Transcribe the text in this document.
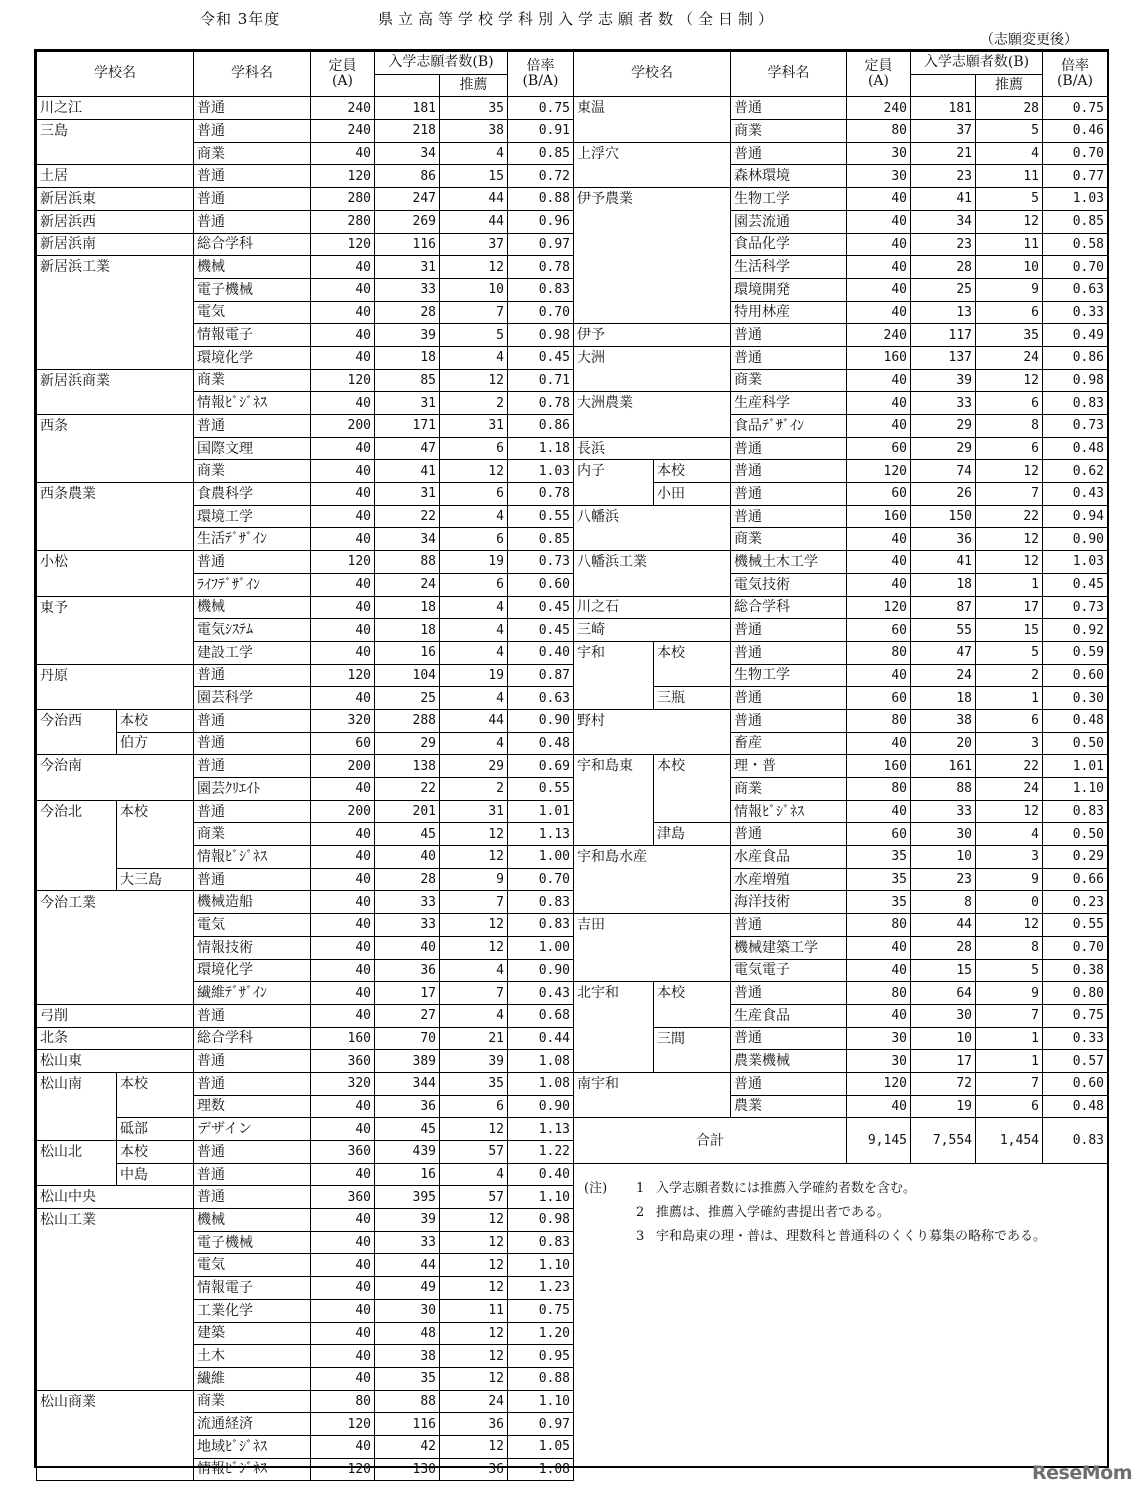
令和 3年度	県立高等学校学科別入学志願者数（全日制）
（志願変更後）
学校名		学科名	定員
(A)	入学志願者数(B)		倍率
(B/A)
					推薦	
川之江		普通	240	181	35	0.75
三島		普通	240	218	38	0.91
		商業	40	34	4	0.85
土居		普通	120	86	15	0.72
新居浜東		普通	280	247	44	0.88
新居浜西		普通	280	269	44	0.96
新居浜南		総合学科	120	116	37	0.97
新居浜工業		機械	40	31	12	0.78
		電子機械	40	33	10	0.83
		電気	40	28	7	0.70
		情報電子	40	39	5	0.98
		環境化学	40	18	4	0.45
新居浜商業		商業	120	85	12	0.71
		情報ﾋﾞｼﾞﾈｽ	40	31	2	0.78
西条		普通	200	171	31	0.86
		国際文理	40	47	6	1.18
		商業	40	41	12	1.03
西条農業		食農科学	40	31	6	0.78
		環境工学	40	22	4	0.55
		生活ﾃﾞｻﾞｲﾝ	40	34	6	0.85
小松		普通	120	88	19	0.73
		ﾗｲﾌﾃﾞｻﾞｲﾝ	40	24	6	0.60
東予		機械	40	18	4	0.45
		電気ｼｽﾃﾑ	40	18	4	0.45
		建設工学	40	16	4	0.40
丹原		普通	120	104	19	0.87
		園芸科学	40	25	4	0.63
今治西	本校	普通	320	288	44	0.90
	伯方	普通	60	29	4	0.48
今治南		普通	200	138	29	0.69
		園芸ｸﾘｴｲﾄ	40	22	2	0.55
今治北	本校	普通	200	201	31	1.01
		商業	40	45	12	1.13
		情報ﾋﾞｼﾞﾈｽ	40	40	12	1.00
	大三島	普通	40	28	9	0.70
今治工業		機械造船	40	33	7	0.83
		電気	40	33	12	0.83
		情報技術	40	40	12	1.00
		環境化学	40	36	4	0.90
		繊維ﾃﾞｻﾞｲﾝ	40	17	7	0.43
弓削		普通	40	27	4	0.68
北条		総合学科	160	70	21	0.44
松山東		普通	360	389	39	1.08
松山南	本校	普通	320	344	35	1.08
		理数	40	36	6	0.90
	砥部	デザイン	40	45	12	1.13
松山北	本校	普通	360	439	57	1.22
	中島	普通	40	16	4	0.40
松山中央		普通	360	395	57	1.10
松山工業		機械	40	39	12	0.98
		電子機械	40	33	12	0.83
		電気	40	44	12	1.10
		情報電子	40	49	12	1.23
		工業化学	40	30	11	0.75
		建築	40	48	12	1.20
		土木	40	38	12	0.95
		繊維	40	35	12	0.88
松山商業		商業	80	88	24	1.10
		流通経済	120	116	36	0.97
		地域ﾋﾞｼﾞﾈｽ	40	42	12	1.05
		情報ﾋﾞｼﾞﾈｽ	120	130	36	1.08
学校名		学科名	定員
(A)	入学志願者数(B)		倍率
(B/A)
					推薦	
東温		普通	240	181	28	0.75
		商業	80	37	5	0.46
上浮穴		普通	30	21	4	0.70
		森林環境	30	23	11	0.77
伊予農業		生物工学	40	41	5	1.03
		園芸流通	40	34	12	0.85
		食品化学	40	23	11	0.58
		生活科学	40	28	10	0.70
		環境開発	40	25	9	0.63
		特用林産	40	13	6	0.33
伊予		普通	240	117	35	0.49
大洲		普通	160	137	24	0.86
		商業	40	39	12	0.98
大洲農業		生産科学	40	33	6	0.83
		食品ﾃﾞｻﾞｲﾝ	40	29	8	0.73
長浜		普通	60	29	6	0.48
内子	本校	普通	120	74	12	0.62
	小田	普通	60	26	7	0.43
八幡浜		普通	160	150	22	0.94
		商業	40	36	12	0.90
八幡浜工業		機械土木工学	40	41	12	1.03
		電気技術	40	18	1	0.45
川之石		総合学科	120	87	17	0.73
三崎		普通	60	55	15	0.92
宇和	本校	普通	80	47	5	0.59
		生物工学	40	24	2	0.60
	三瓶	普通	60	18	1	0.30
野村		普通	80	38	6	0.48
		畜産	40	20	3	0.50
宇和島東	本校	理・普	160	161	22	1.01
		商業	80	88	24	1.10
		情報ﾋﾞｼﾞﾈｽ	40	33	12	0.83
	津島	普通	60	30	4	0.50
宇和島水産		水産食品	35	10	3	0.29
		水産増殖	35	23	9	0.66
		海洋技術	35	8	0	0.23
吉田		普通	80	44	12	0.55
		機械建築工学	40	28	8	0.70
		電気電子	40	15	5	0.38
北宇和	本校	普通	80	64	9	0.80
		生産食品	40	30	7	0.75
	三間	普通	30	10	1	0.33
		農業機械	30	17	1	0.57
南宇和		普通	120	72	7	0.60
		農業	40	19	6	0.48
合計			9,145	7,554	1,454	0.83
(注) 1 入学志願者数には推薦入学確約者数を含む。
2 推薦は、推薦入学確約書提出者である。
3 宇和島東の理・普は、理数科と普通科のくくり募集の略称である。
ReseMom
